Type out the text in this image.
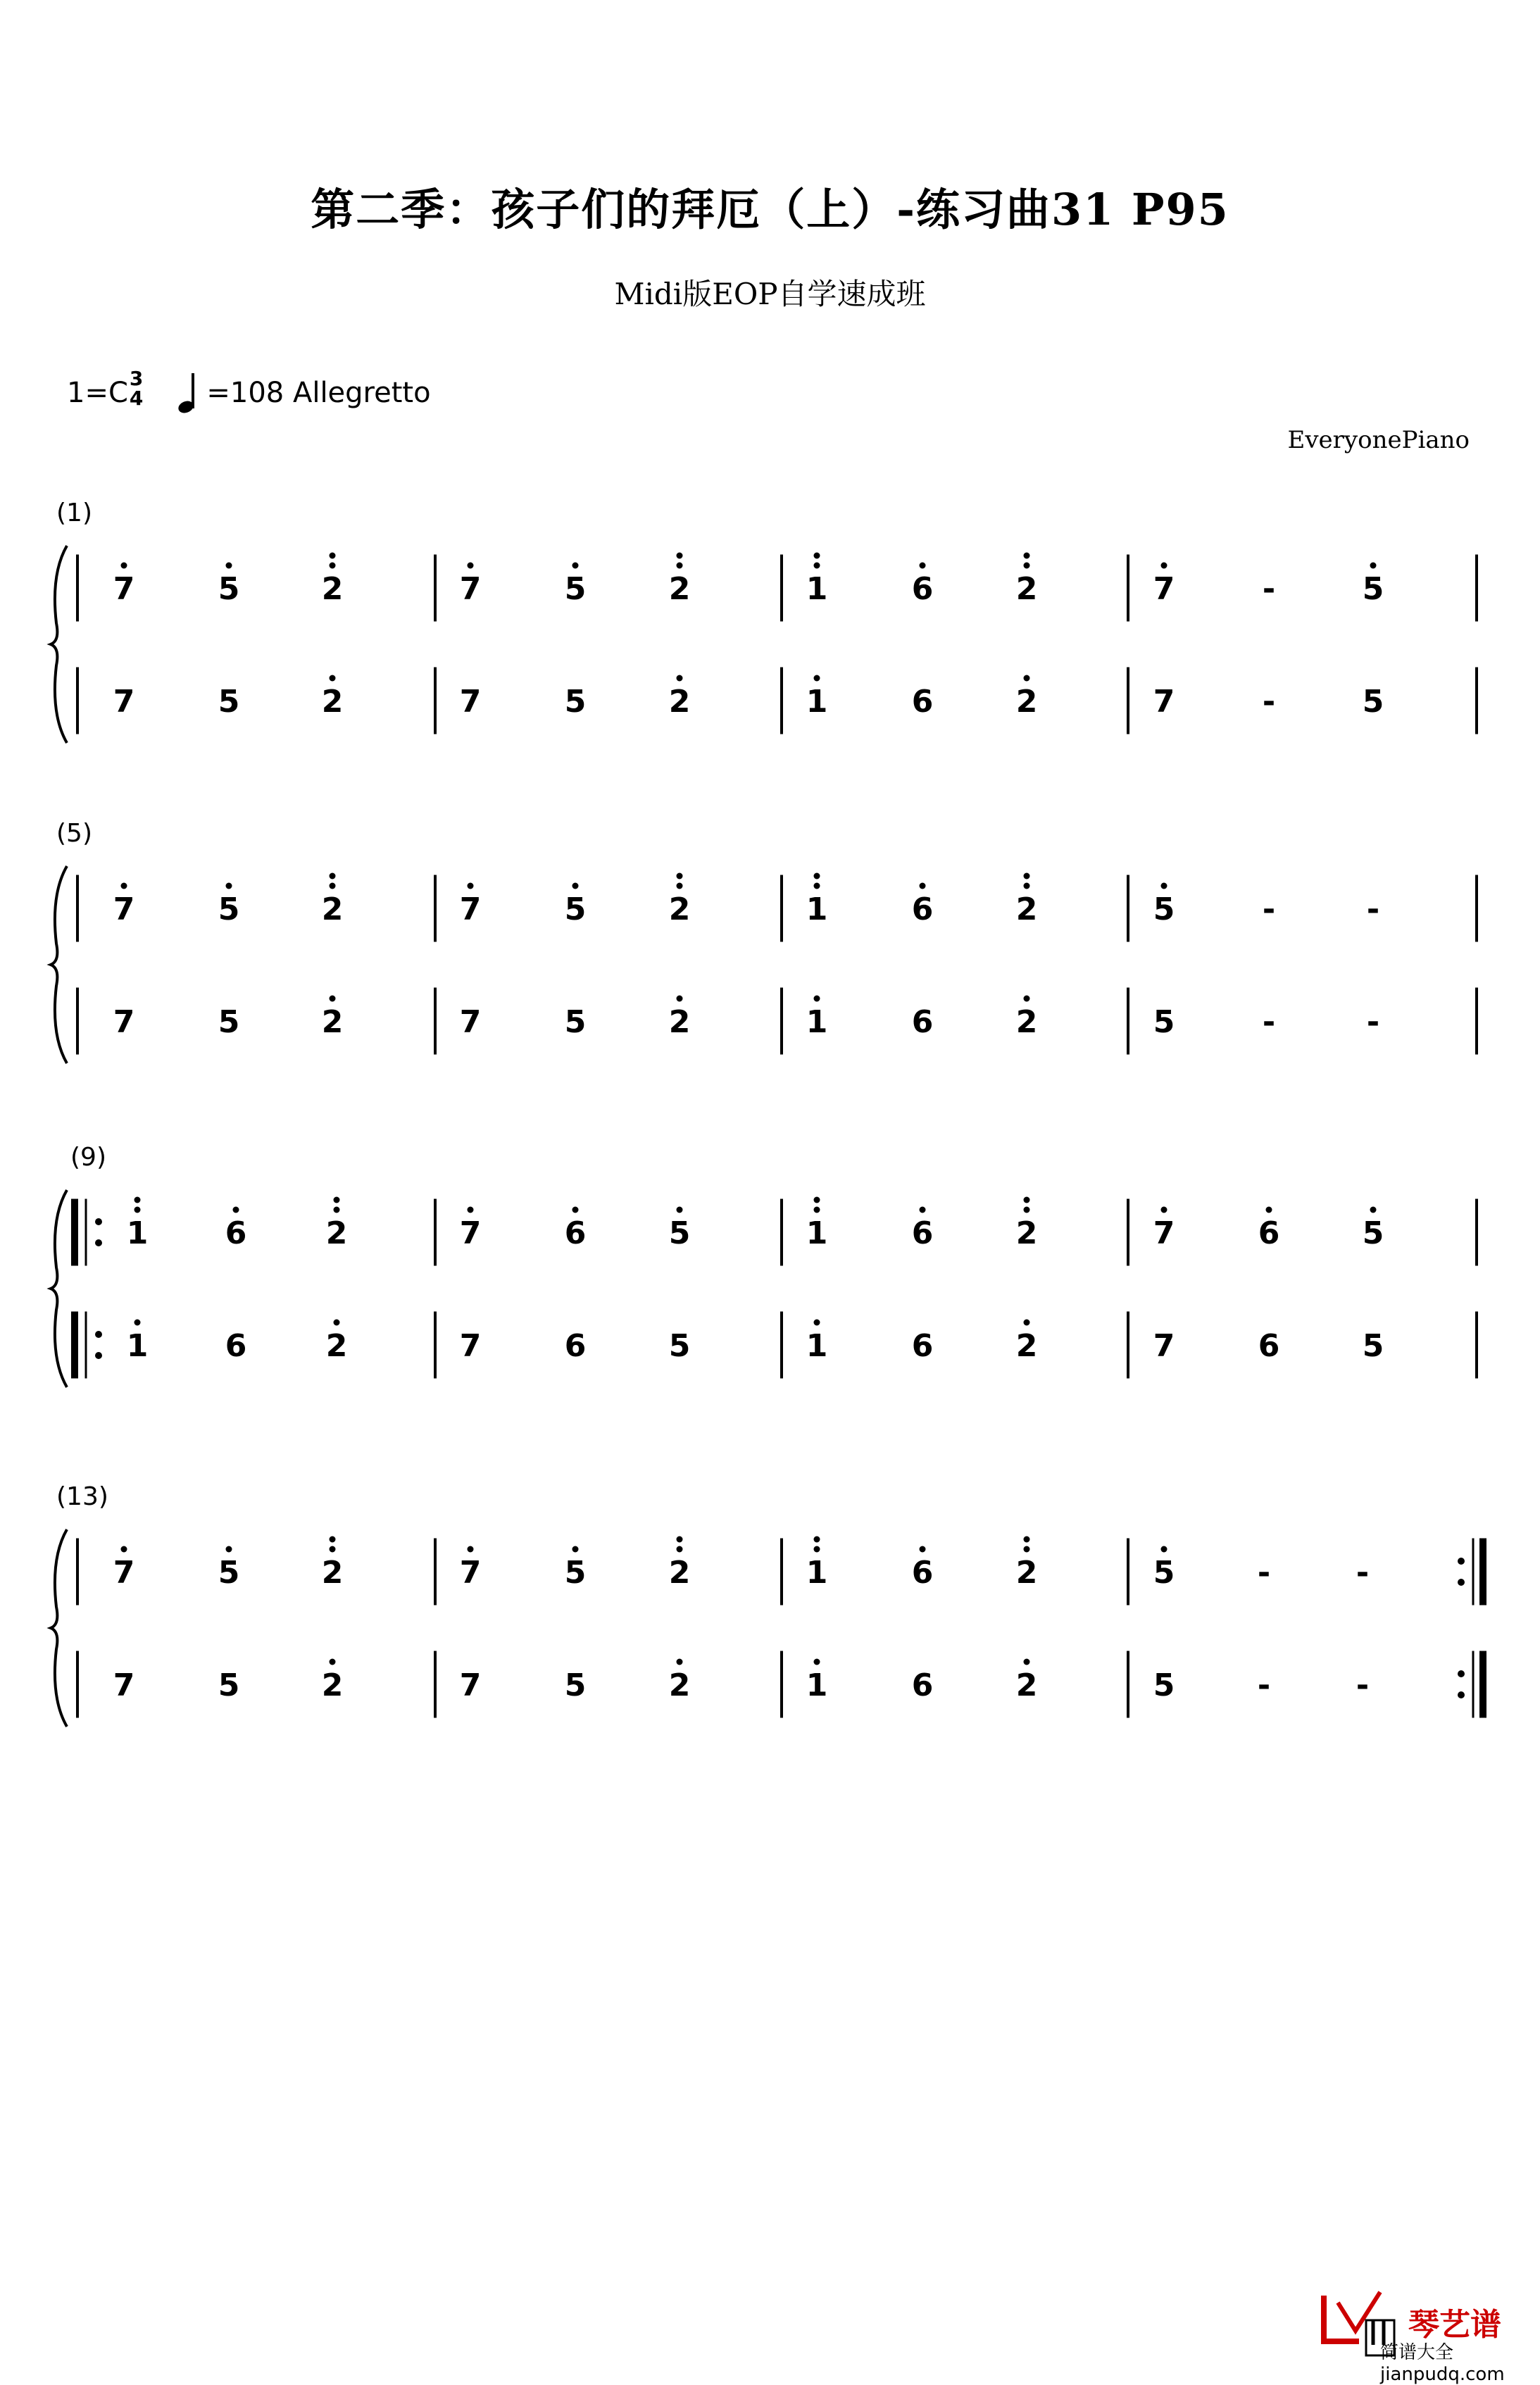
第二季：孩子们的拜厄（上）-练习曲31 P95
Midi版EOP自学速成班
1=C 3
4 =108 Allegretto
EveryonePiano
(1)
7	5	2	7	5	2	1	6	2	7	-	5
7	5	2	7	5	2	1	6	2	7	-	5
(5)
7	5	2	7	5	2	1	6	2	5	-	-
7	5	2	7	5	2	1	6	2	5	-	-
(9)
1 6	2	7	6	5	1	6	2	7	6	5
1 6	2	7	6	5	1	6	2	7	6	5
(13)
7	5	2	7	5	2	1	6	2	5	-	-
7	5	2	7	5	2	1	6	2	5	-	-
琴艺谱
简谱大全 jianpudq.com
